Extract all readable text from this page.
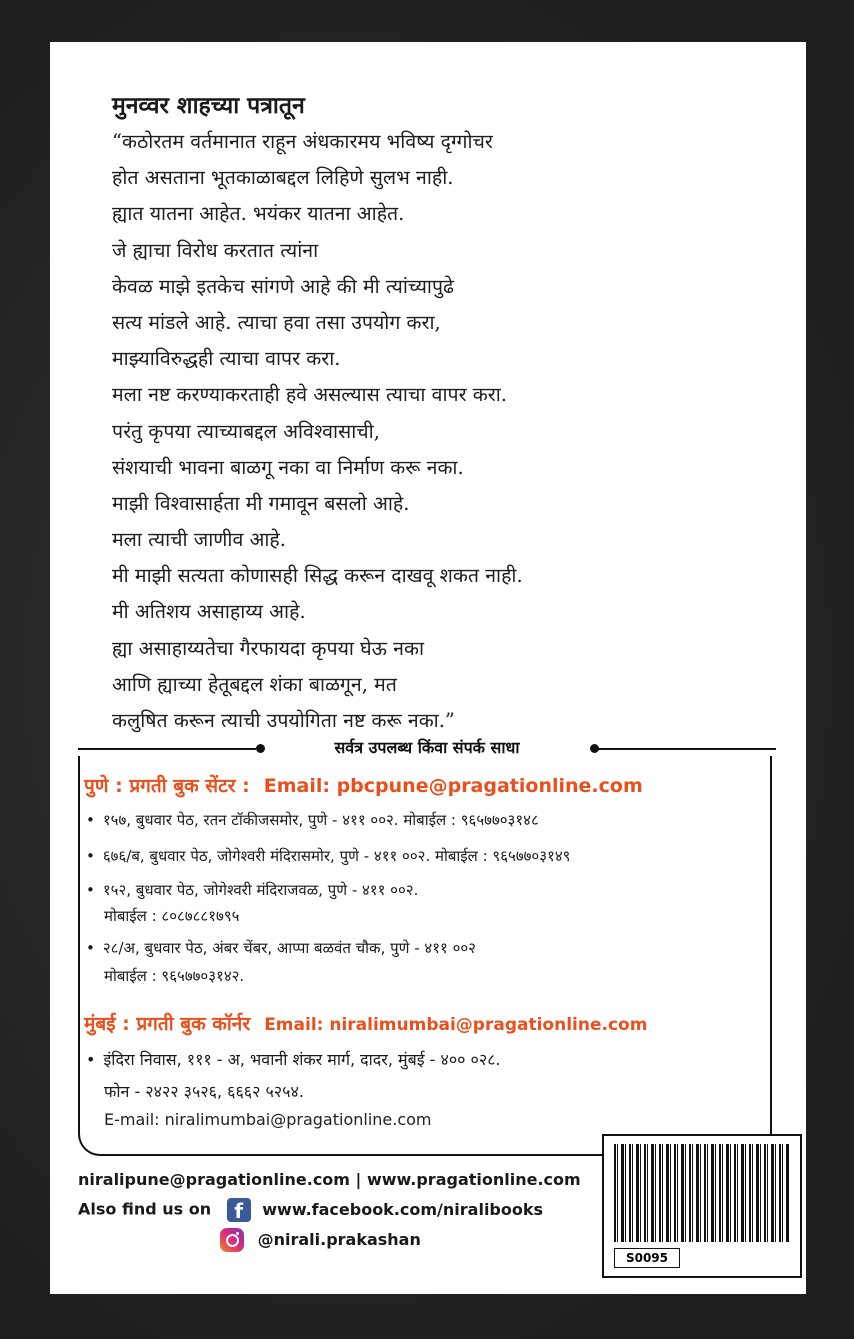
मुनव्वर शाहच्या पत्रातून
“कठोरतम वर्तमानात राहून अंधकारमय भविष्य दृग्गोचर
होत असताना भूतकाळाबद्दल लिहिणे सुलभ नाही.
ह्यात यातना आहेत. भयंकर यातना आहेत.
जे ह्याचा विरोध करतात त्यांना
केवळ माझे इतकेच सांगणे आहे की मी त्यांच्यापुढे
सत्य मांडले आहे. त्याचा हवा तसा उपयोग करा,
माझ्याविरुद्धही त्याचा वापर करा.
मला नष्ट करण्याकरताही हवे असल्यास त्याचा वापर करा.
परंतु कृपया त्याच्याबद्दल अविश्वासाची,
संशयाची भावना बाळगू नका वा निर्माण करू नका.
माझी विश्वासार्हता मी गमावून बसलो आहे.
मला त्याची जाणीव आहे.
मी माझी सत्यता कोणासही सिद्ध करून दाखवू शकत नाही.
मी अतिशय असाहाय्य आहे.
ह्या असाहाय्यतेचा गैरफायदा कृपया घेऊ नका
आणि ह्याच्या हेतूबद्दल शंका बाळगून, मत
कलुषित करून त्याची उपयोगिता नष्ट करू नका.”
सर्वत्र उपलब्ध किंवा संपर्क साधा
पुणे : प्रगती बुक सेंटर : Email: pbcpune@pragationline.com
• १५७, बुधवार पेठ, रतन टॉकीजसमोर, पुणे - ४११ ००२. मोबाईल : ९६५७७०३१४८
• ६७६/ब, बुधवार पेठ, जोगेश्वरी मंदिरासमोर, पुणे - ४११ ००२. मोबाईल : ९६५७७०३१४९
• १५२, बुधवार पेठ, जोगेश्वरी मंदिराजवळ, पुणे - ४११ ००२.
मोबाईल : ८०८७८८१७९५
• २८/अ, बुधवार पेठ, अंबर चेंबर, आप्पा बळवंत चौक, पुणे - ४११ ००२
मोबाईल : ९६५७७०३१४२.
मुंबई : प्रगती बुक कॉर्नर Email: niralimumbai@pragationline.com
• इंदिरा निवास, १११ - अ, भवानी शंकर मार्ग, दादर, मुंबई - ४०० ०२८.
फोन - २४२२ ३५२६, ६६६२ ५२५४.
E-mail: niralimumbai@pragationline.com
niralipune@pragationline.com | www.pragationline.com
Also find us on f www.facebook.com/niralibooks
@nirali.prakashan
S0095
